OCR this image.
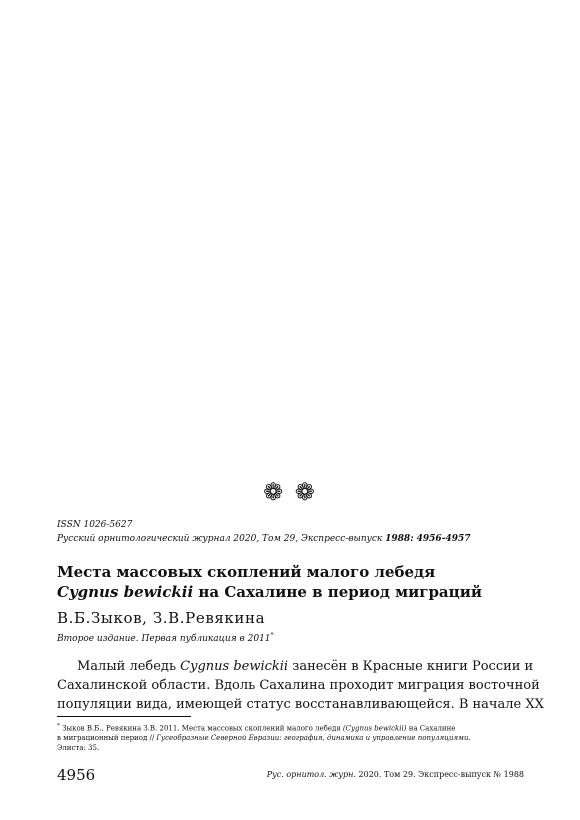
❁ ❁
ISSN 1026-5627
Русский орнитологический журнал 2020, Том 29, Экспресс-выпуск 1988: 4956-4957
Места массовых скоплений малого лебедя
Cygnus bewickii на Сахалине в период миграций
В.Б.Зыков, З.В.Ревякина
Второе издание. Первая публикация в 2011*
Малый лебедь Cygnus bewickii занесён в Красные книги России и
Сахалинской области. Вдоль Сахалина проходит миграция восточной
популяции вида, имеющей статус восстанавливающейся. В начале XX
* Зыков В.Б., Ревякина З.В. 2011. Места массовых скоплений малого лебедя (Cygnus bewickii) на Сахалине
в миграционный период // Гусеобразные Северной Евразии: география, динамика и управление популяциями.
Элиста: 35.
4956	Рус. орнитол. журн. 2020. Том 29. Экспресс-выпуск № 1988
